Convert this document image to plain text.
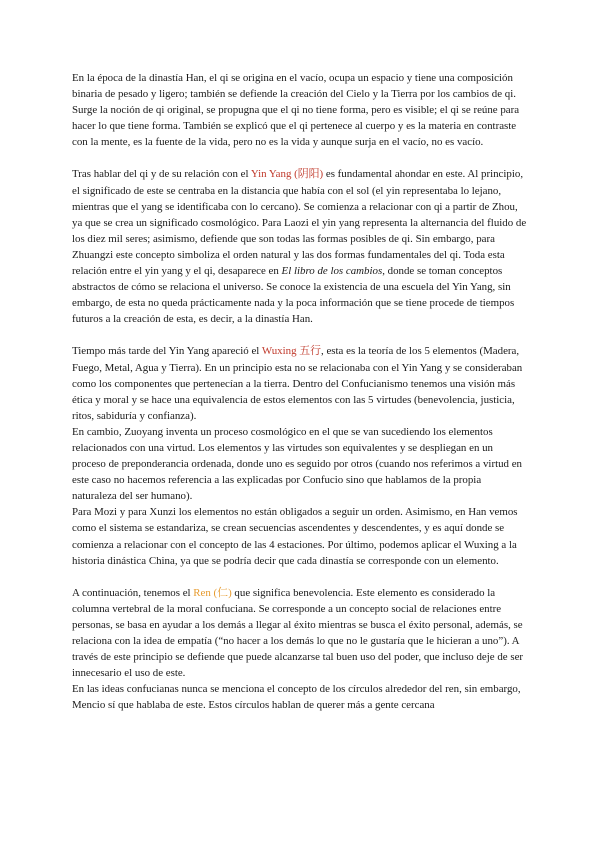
En la época de la dinastía Han, el qi se origina en el vacío, ocupa un espacio y tiene una composición binaria de pesado y ligero; también se defiende la creación del Cielo y la Tierra por los cambios de qi. Surge la noción de qi original, se propugna que el qi no tiene forma, pero es visible; el qi se reúne para hacer lo que tiene forma. También se explicó que el qi pertenece al cuerpo y es la materia en contraste con la mente, es la fuente de la vida, pero no es la vida y aunque surja en el vacío, no es vacío.

Tras hablar del qi y de su relación con el Yin Yang (阴阳) es fundamental ahondar en este. Al principio, el significado de este se centraba en la distancia que había con el sol (el yin representaba lo lejano, mientras que el yang se identificaba con lo cercano). Se comienza a relacionar con qi a partir de Zhou, ya que se crea un significado cosmológico. Para Laozi el yin yang representa la alternancia del fluido de los diez mil seres; asimismo, defiende que son todas las formas posibles de qi. Sin embargo, para Zhuangzi este concepto simboliza el orden natural y las dos formas fundamentales del qi. Toda esta relación entre el yin yang y el qi, desaparece en El libro de los cambios, donde se toman conceptos abstractos de cómo se relaciona el universo. Se conoce la existencia de una escuela del Yin Yang, sin embargo, de esta no queda prácticamente nada y la poca información que se tiene procede de tiempos futuros a la creación de esta, es decir, a la dinastía Han.

Tiempo más tarde del Yin Yang apareció el Wuxing 五行, esta es la teoría de los 5 elementos (Madera, Fuego, Metal, Agua y Tierra). En un principio esta no se relacionaba con el Yin Yang y se consideraban como los componentes que pertenecían a la tierra. Dentro del Confucianismo tenemos una visión más ética y moral y se hace una equivalencia de estos elementos con las 5 virtudes (benevolencia, justicia, ritos, sabiduría y confianza).

En cambio, Zuoyang inventa un proceso cosmológico en el que se van sucediendo los elementos relacionados con una virtud. Los elementos y las virtudes son equivalentes y se despliegan en un proceso de preponderancia ordenada, donde uno es seguido por otros (cuando nos referimos a virtud en este caso no hacemos referencia a las explicadas por Confucio sino que hablamos de la propia naturaleza del ser humano).

Para Mozi y para Xunzi los elementos no están obligados a seguir un orden. Asimismo, en Han vemos como el sistema se estandariza, se crean secuencias ascendentes y descendentes, y es aquí donde se comienza a relacionar con el concepto de las 4 estaciones. Por último, podemos aplicar el Wuxing a la historia dinástica China, ya que se podría decir que cada dinastía se corresponde con un elemento.

A continuación, tenemos el Ren (仁) que significa benevolencia. Este elemento es considerado la columna vertebral de la moral confuciana. Se corresponde a un concepto social de relaciones entre personas, se basa en ayudar a los demás a llegar al éxito mientras se busca el éxito personal, además, se relaciona con la idea de empatía (“no hacer a los demás lo que no le gustaría que le hicieran a uno”). A través de este principio se defiende que puede alcanzarse tal buen uso del poder, que incluso deje de ser innecesario el uso de este.

En las ideas confucianas nunca se menciona el concepto de los círculos alrededor del ren, sin embargo, Mencio sí que hablaba de este. Estos círculos hablan de querer más a gente cercana
